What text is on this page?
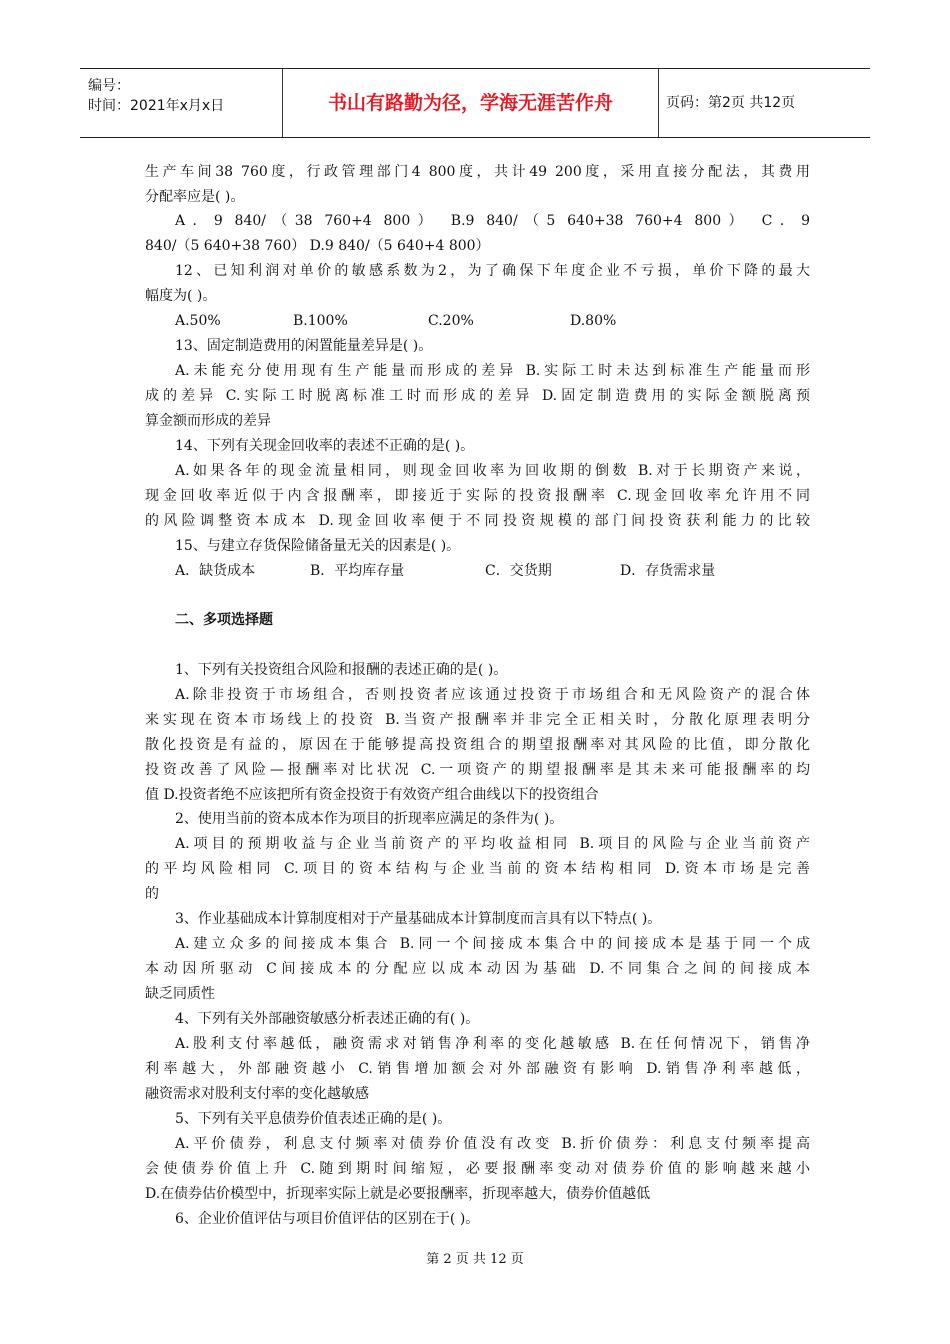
编号：
时间：2021年x月x日	书山有路勤为径，学海无涯苦作舟	页码：第2页 共12页
生产车间38 760度，行政管理部门4 800度，共计49 200度，采用直接分配法，其费用
分配率应是( )。
A．9 840/（38 760+4 800） B.9 840/（5 640+38 760+4 800） C．9
840/（5 640+38 760） D.9 840/（5 640+4 800）
12、已知利润对单价的敏感系数为2，为了确保下年度企业不亏损，单价下降的最大
幅度为( )。
A.50%	B.100%	C.20%	D.80%
13、固定制造费用的闲置能量差异是( )。
A.未能充分使用现有生产能量而形成的差异 B.实际工时未达到标准生产能量而形
成的差异 C.实际工时脱离标准工时而形成的差异 D.固定制造费用的实际金额脱离预
算金额而形成的差异
14、下列有关现金回收率的表述不正确的是( )。
A.如果各年的现金流量相同，则现金回收率为回收期的倒数 B.对于长期资产来说，
现金回收率近似于内含报酬率，即接近于实际的投资报酬率 C.现金回收率允许用不同
的风险调整资本成本 D.现金回收率便于不同投资规模的部门间投资获利能力的比较
15、与建立存货保险储备量无关的因素是( )。
A．缺货成本	B．平均库存量	C．交货期	D．存货需求量
二、多项选择题
1、下列有关投资组合风险和报酬的表述正确的是( )。
A.除非投资于市场组合，否则投资者应该通过投资于市场组合和无风险资产的混合体
来实现在资本市场线上的投资 B.当资产报酬率并非完全正相关时，分散化原理表明分
散化投资是有益的，原因在于能够提高投资组合的期望报酬率对其风险的比值，即分散化
投资改善了风险—报酬率对比状况 C.一项资产的期望报酬率是其未来可能报酬率的均
值 D.投资者绝不应该把所有资金投资于有效资产组合曲线以下的投资组合
2、使用当前的资本成本作为项目的折现率应满足的条件为( )。
A.项目的预期收益与企业当前资产的平均收益相同 B.项目的风险与企业当前资产
的平均风险相同 C.项目的资本结构与企业当前的资本结构相同 D.资本市场是完善
的
3、作业基础成本计算制度相对于产量基础成本计算制度而言具有以下特点( )。
A.建立众多的间接成本集合 B.同一个间接成本集合中的间接成本是基于同一个成
本动因所驱动 C间接成本的分配应以成本动因为基础 D.不同集合之间的间接成本
缺乏同质性
4、下列有关外部融资敏感分析表述正确的有( )。
A.股利支付率越低，融资需求对销售净利率的变化越敏感 B.在任何情况下，销售净
利率越大，外部融资越小 C.销售增加额会对外部融资有影响 D.销售净利率越低，
融资需求对股利支付率的变化越敏感
5、下列有关平息债券价值表述正确的是( )。
A.平价债券，利息支付频率对债券价值没有改变 B.折价债券：利息支付频率提高
会使债券价值上升 C.随到期时间缩短，必要报酬率变动对债券价值的影响越来越小
D.在债券估价模型中，折现率实际上就是必要报酬率，折现率越大，债券价值越低
6、企业价值评估与项目价值评估的区别在于( )。
第 2 页 共 12 页
